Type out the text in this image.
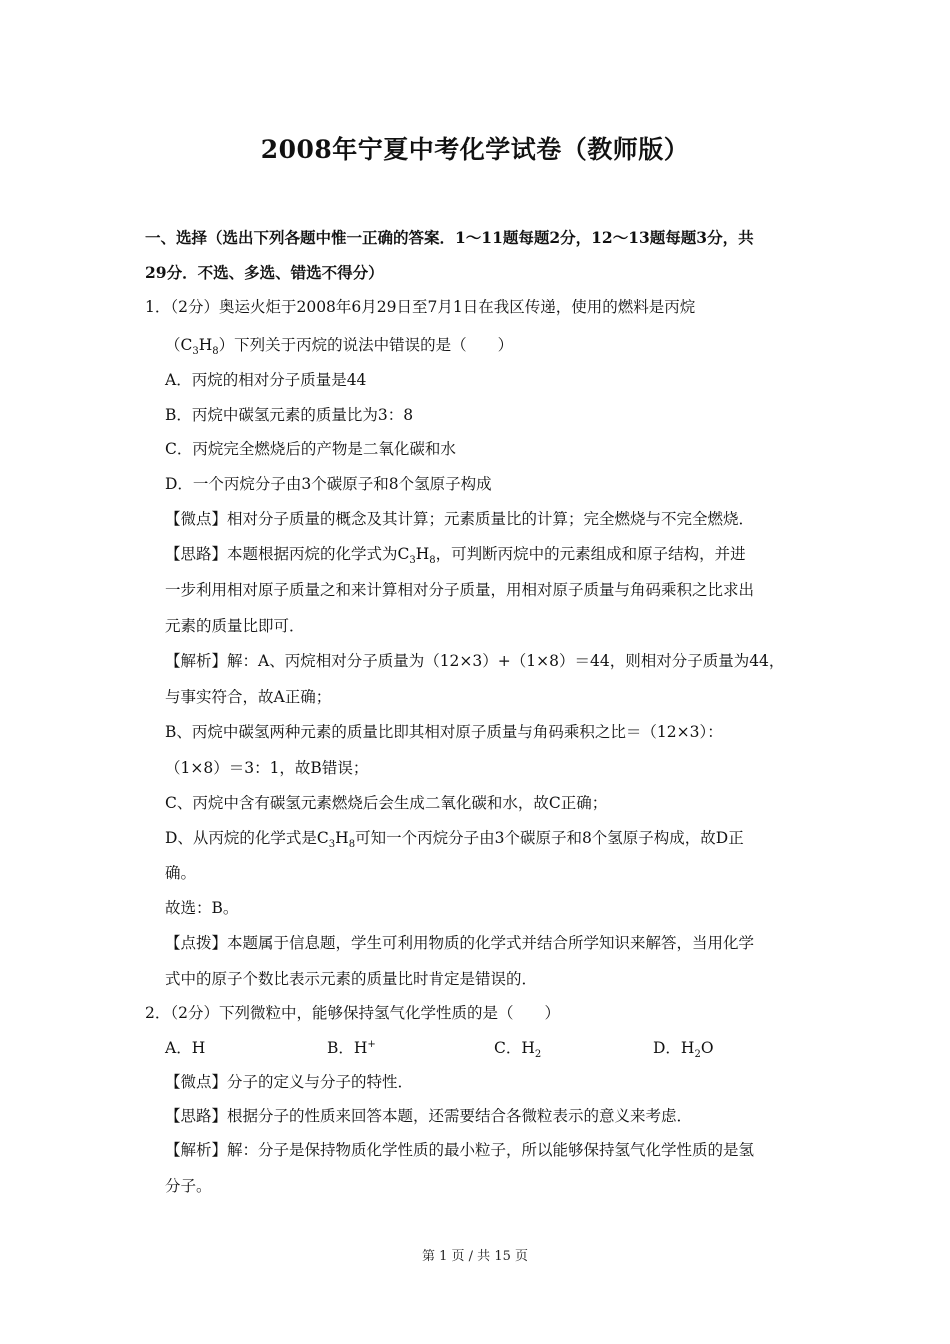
2008年宁夏中考化学试卷（教师版）
一、选择（选出下列各题中惟一正确的答案．1～11题每题2分，12～13题每题3分，共
29分．不选、多选、错选不得分）
1．（2分）奥运火炬于2008年6月29日至7月1日在我区传递，使用的燃料是丙烷
$(C_3H_8)$下列关于丙烷的说法中错误的是（　　）
A．丙烷的相对分子质量是44
B．丙烷中碳氢元素的质量比为3：8
C．丙烷完全燃烧后的产物是二氧化碳和水
D．一个丙烷分子由3个碳原子和8个氢原子构成
【微点】相对分子质量的概念及其计算；元素质量比的计算；完全燃烧与不完全燃烧．
【思路】本题根据丙烷的化学式为$C_3H_8$，可判断丙烷中的元素组成和原子结构，并进
一步利用相对原子质量之和来计算相对分子质量，用相对原子质量与角码乘积之比求出
元素的质量比即可．
【解析】解：A、丙烷相对分子质量为（12×3）+（1×8）＝44，则相对分子质量为44，
与事实符合，故A正确；
B、丙烷中碳氢两种元素的质量比即其相对原子质量与角码乘积之比＝（12×3）：
（1×8）＝3：1，故B错误；
C、丙烷中含有碳氢元素燃烧后会生成二氧化碳和水，故C正确；
D、从丙烷的化学式是$C_3H_8$可知一个丙烷分子由3个碳原子和8个氢原子构成，故D正
确。
故选：B。
【点拨】本题属于信息题，学生可利用物质的化学式并结合所学知识来解答，当用化学
式中的原子个数比表示元素的质量比时肯定是错误的．
2．（2分）下列微粒中，能够保持氢气化学性质的是（　　）
A．H	B．H+	C．$H_2$	D．$H_2O$
【微点】分子的定义与分子的特性．
【思路】根据分子的性质来回答本题，还需要结合各微粒表示的意义来考虑．
【解析】解：分子是保持物质化学性质的最小粒子，所以能够保持氢气化学性质的是氢
分子。
第 1 页 / 共 15 页
